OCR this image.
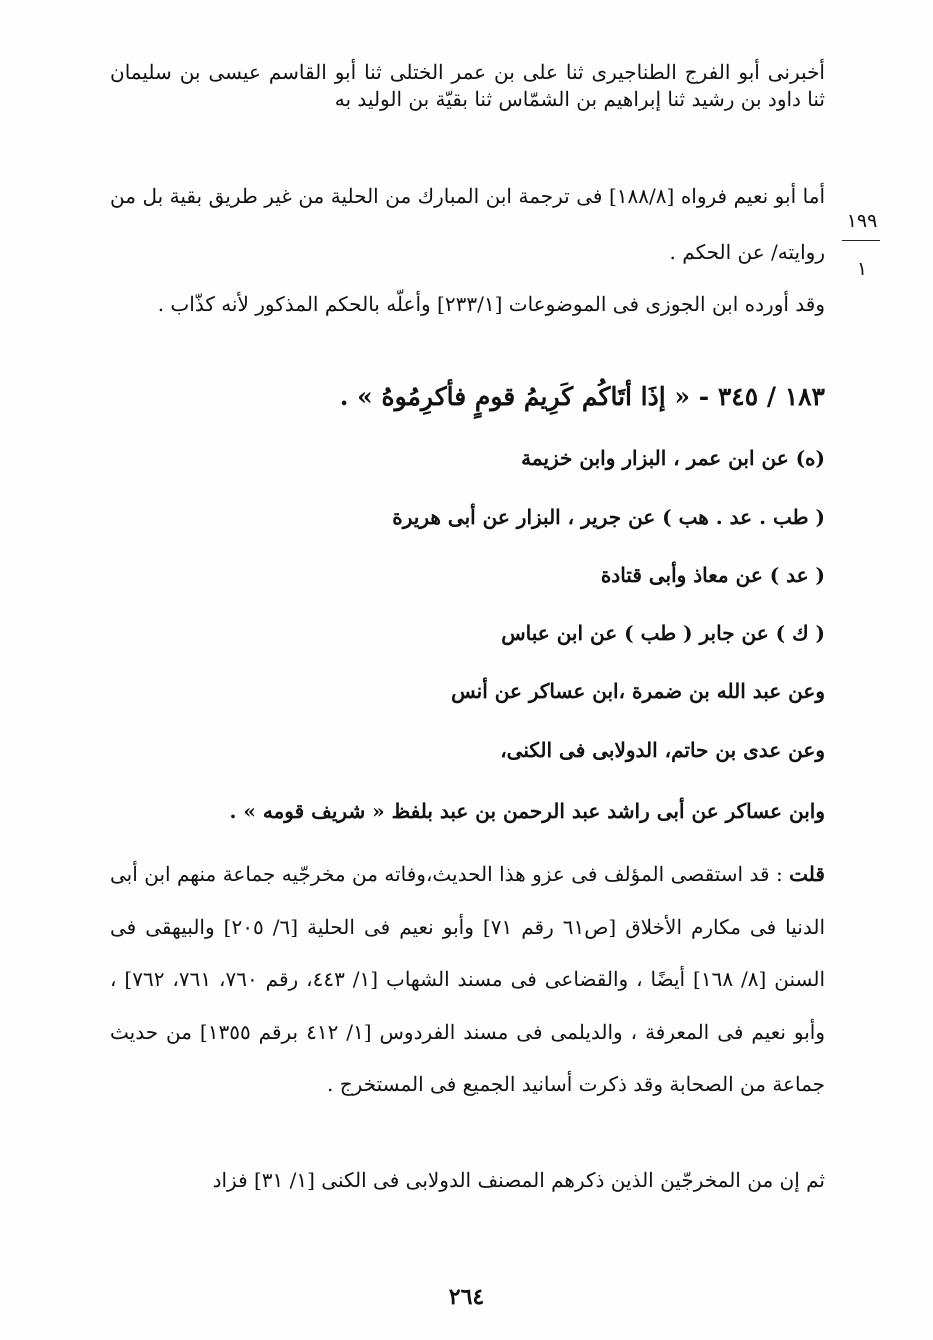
أخبرنى أبو الفرج الطناجيرى ثنا على بن عمر الختلى ثنا أبو القاسم عيسى بن سليمان ثنا داود بن رشيد ثنا إبراهيم بن الشمّاس ثنا بقيّة بن الوليد به
أما أبو نعيم فرواه [١٨٨/٨] فى ترجمة ابن المبارك من الحلية من غير طريق بقية بل من روايته/ عن الحكم .
١٩٩
١
وقد أورده ابن الجوزى فى الموضوعات [٢٣٣/١] وأعلّه بالحكم المذكور لأنه كذّاب .
١٨٣ / ٣٤٥ - « إذَا أتَاكُم كَرِيمُ قومٍ فأكرِمُوهُ » .
(ه) عن ابن عمر ، البزار وابن خزيمة
( طب . عد . هب ) عن جرير ، البزار عن أبى هريرة
( عد ) عن معاذ وأبى قتادة
( ك ) عن جابر ( طب ) عن ابن عباس
وعن عبد الله بن ضمرة ،ابن عساكر عن أنس
وعن عدى بن حاتم، الدولابى فى الكنى،
وابن عساكر عن أبى راشد عبد الرحمن بن عبد بلفظ « شريف قومه » .
قلت : قد استقصى المؤلف فى عزو هذا الحديث،وفاته من مخرجّيه جماعة منهم ابن أبى الدنيا فى مكارم الأخلاق [ص٦١ رقم ٧١] وأبو نعيم فى الحلية [٦/ ٢٠٥] والبيهقى فى السنن [٨/ ١٦٨] أيضًا ، والقضاعى فى مسند الشهاب [١/ ٤٤٣، رقم ٧٦٠، ٧٦١، ٧٦٢] ، وأبو نعيم فى المعرفة ، والديلمى فى مسند الفردوس [١/ ٤١٢ برقم ١٣٥٥] من حديث جماعة من الصحابة وقد ذكرت أسانيد الجميع فى المستخرج .
ثم إن من المخرجّين الذين ذكرهم المصنف الدولابى فى الكنى [١/ ٣١] فزاد
٢٦٤
